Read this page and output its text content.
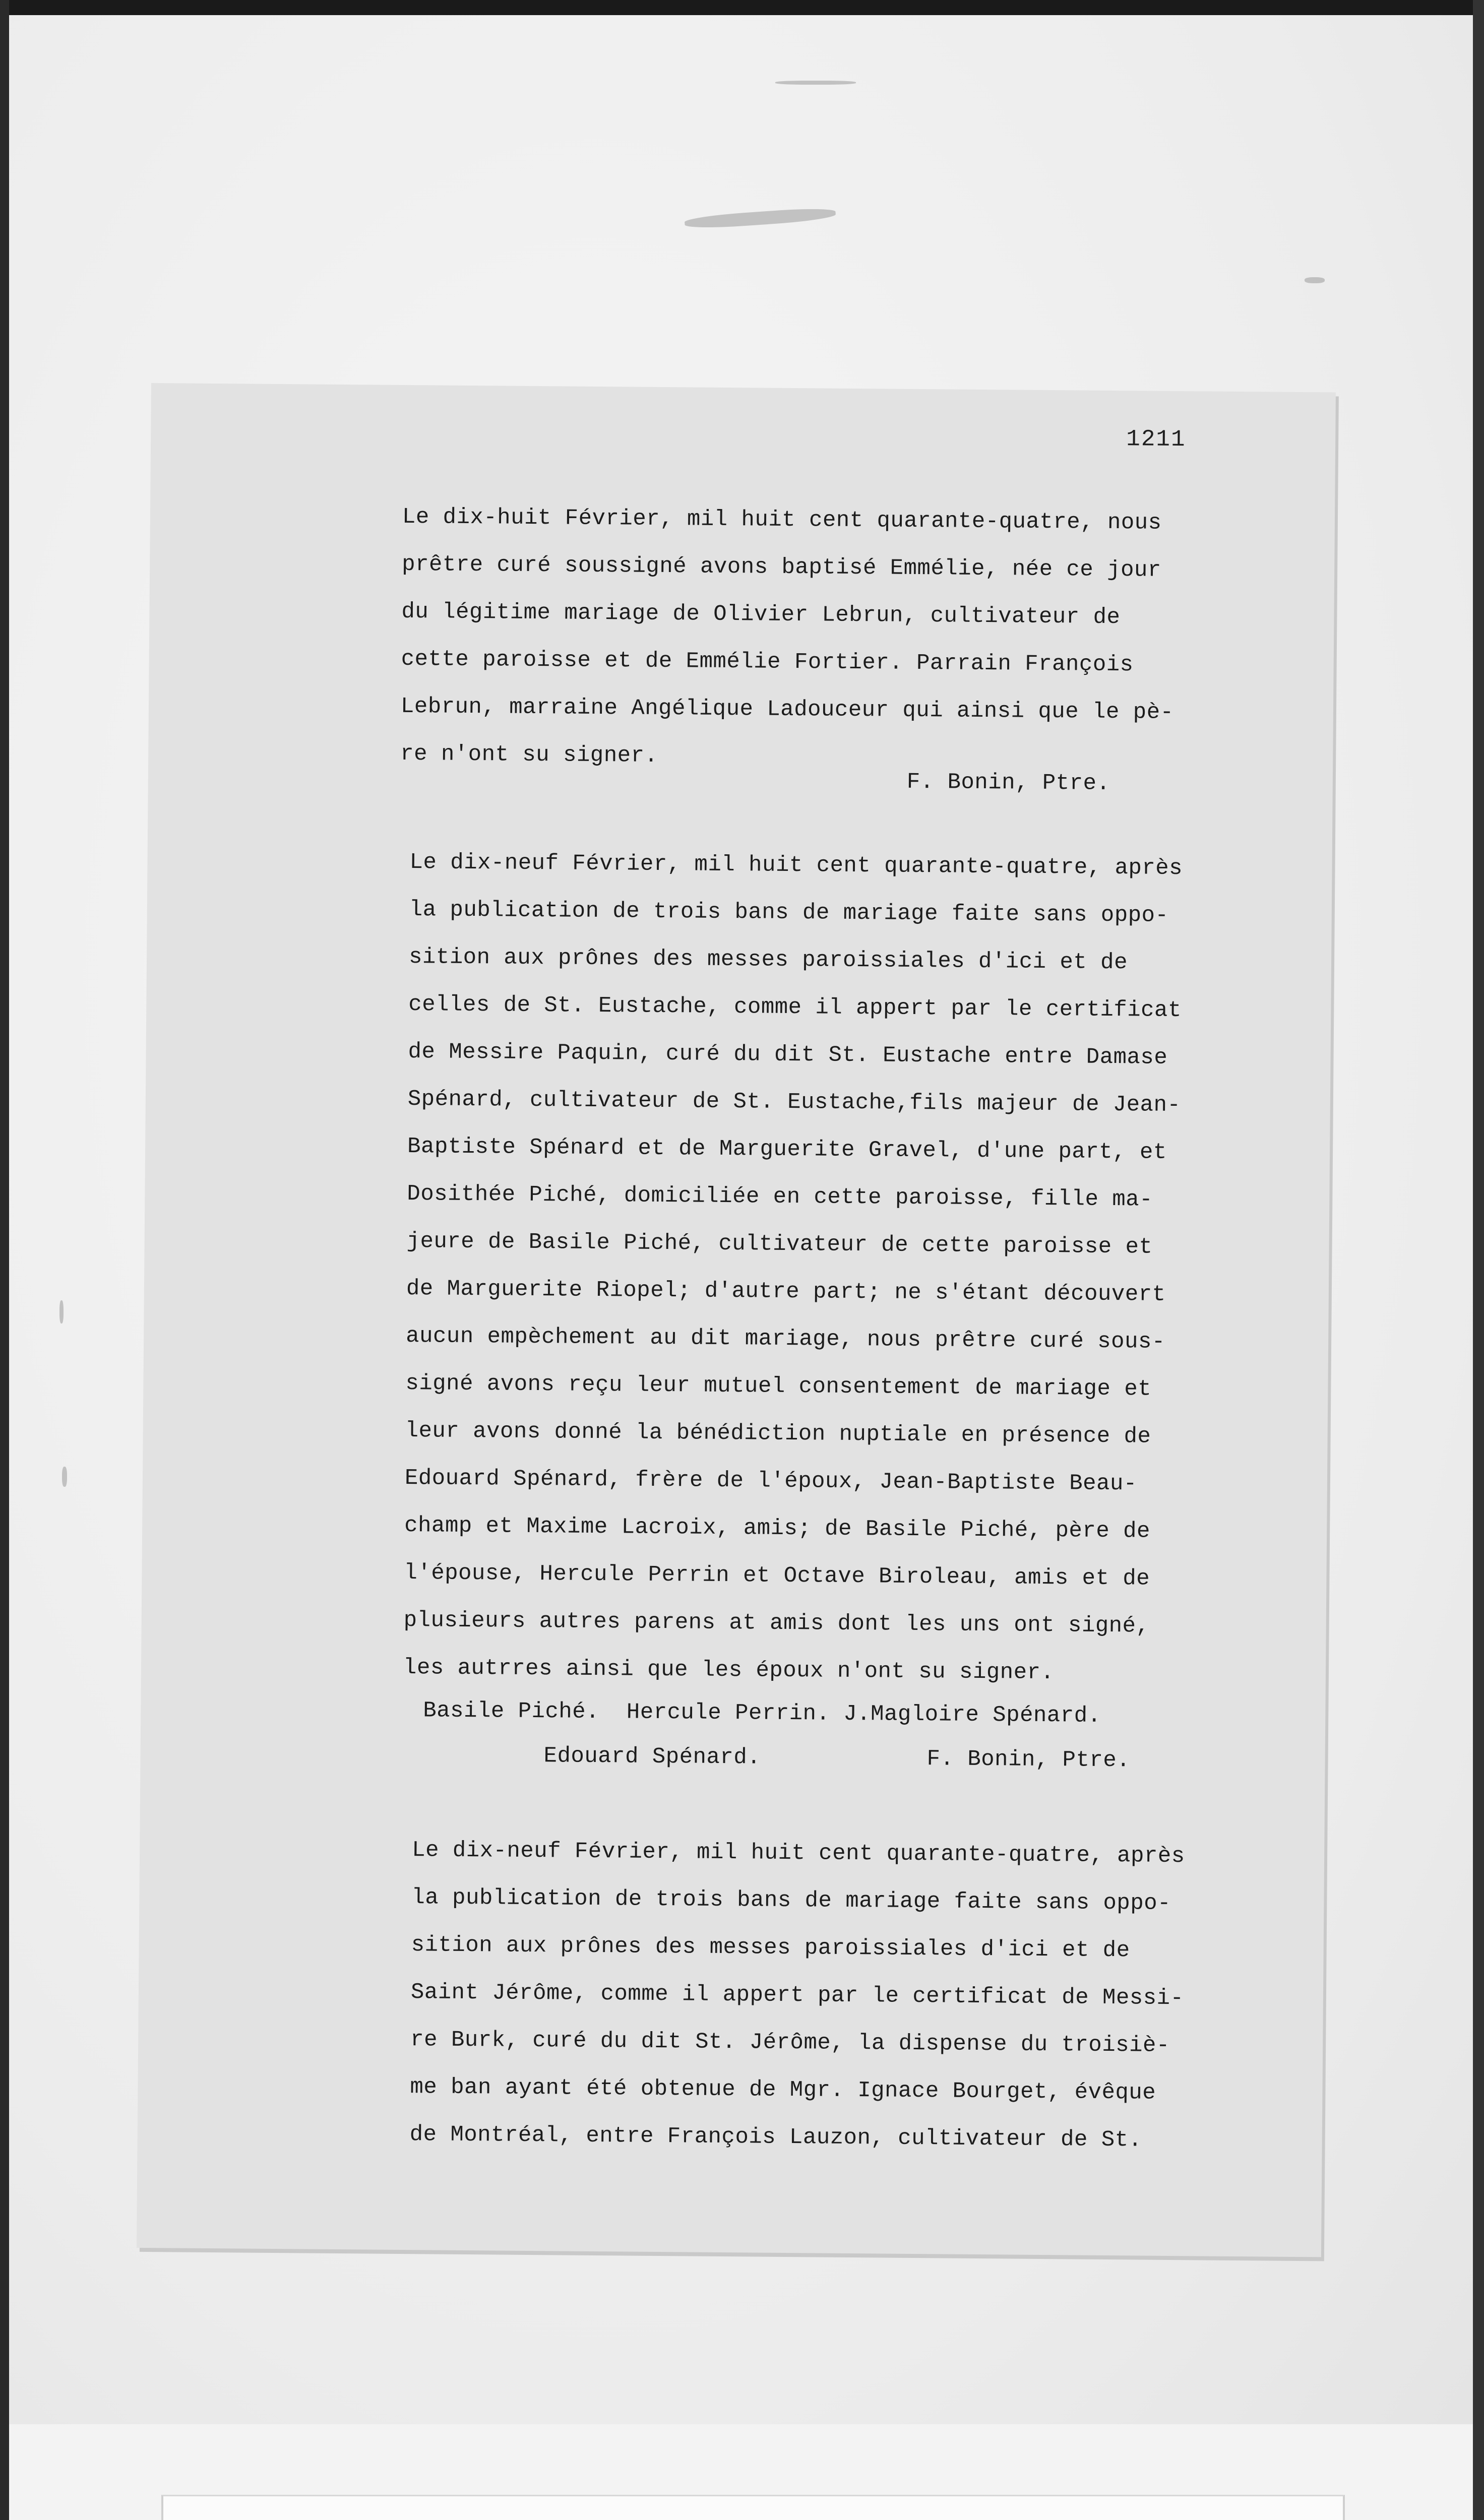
1211
Le dix-huit Février, mil huit cent quarante-quatre, nous
prêtre curé soussigné avons baptisé Emmélie, née ce jour
du légitime mariage de Olivier Lebrun, cultivateur de
cette paroisse et de Emmélie Fortier. Parrain François
Lebrun, marraine Angélique Ladouceur qui ainsi que le pè-
re n'ont su signer.
F. Bonin, Ptre.
Le dix-neuf Février, mil huit cent quarante-quatre, après
la publication de trois bans de mariage faite sans oppo-
sition aux prônes des messes paroissiales d'ici et de
celles de St. Eustache, comme il appert par le certificat
de Messire Paquin, curé du dit St. Eustache entre Damase
Spénard, cultivateur de St. Eustache,fils majeur de Jean-
Baptiste Spénard et de Marguerite Gravel, d'une part, et
Dosithée Piché, domiciliée en cette paroisse, fille ma-
jeure de Basile Piché, cultivateur de cette paroisse et
de Marguerite Riopel; d'autre part; ne s'étant découvert
aucun empèchement au dit mariage, nous prêtre curé sous-
signé avons reçu leur mutuel consentement de mariage et
leur avons donné la bénédiction nuptiale en présence de
Edouard Spénard, frère de l'époux, Jean-Baptiste Beau-
champ et Maxime Lacroix, amis; de Basile Piché, père de
l'épouse, Hercule Perrin et Octave Biroleau, amis et de
plusieurs autres parens at amis dont les uns ont signé,
les autrres ainsi que les époux n'ont su signer.
Basile Piché.  Hercule Perrin. J.Magloire Spénard.
Edouard Spénard.	F. Bonin, Ptre.
Le dix-neuf Février, mil huit cent quarante-quatre, après
la publication de trois bans de mariage faite sans oppo-
sition aux prônes des messes paroissiales d'ici et de
Saint Jérôme, comme il appert par le certificat de Messi-
re Burk, curé du dit St. Jérôme, la dispense du troisiè-
me ban ayant été obtenue de Mgr. Ignace Bourget, évêque
de Montréal, entre François Lauzon, cultivateur de St.
